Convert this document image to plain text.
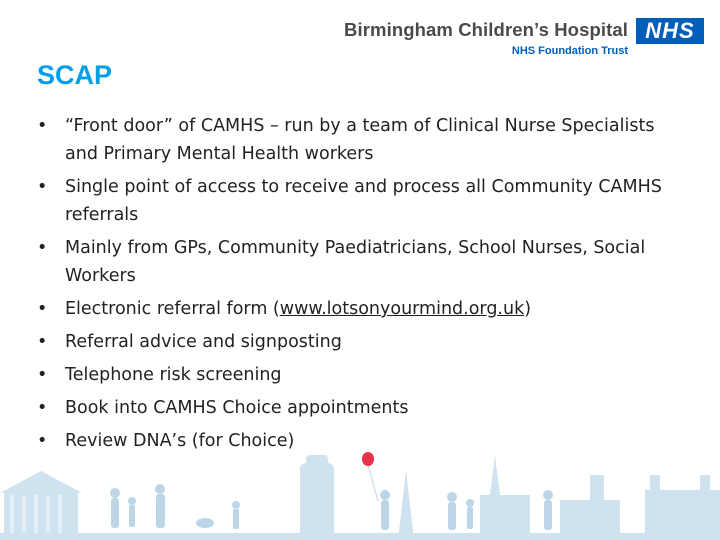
Birmingham Children’s Hospital
NHS Foundation Trust
NHS
SCAP
•	“Front door” of CAMHS – run by a team of Clinical Nurse Specialists and Primary Mental Health workers
•	Single point of access to receive and process all Community CAMHS referrals
•	Mainly from GPs, Community Paediatricians, School Nurses, Social Workers
•	Electronic referral form (www.lotsonyourmind.org.uk)
•	Referral advice and signposting
•	Telephone risk screening
•	Book into CAMHS Choice appointments
•	Review DNA’s (for Choice)
